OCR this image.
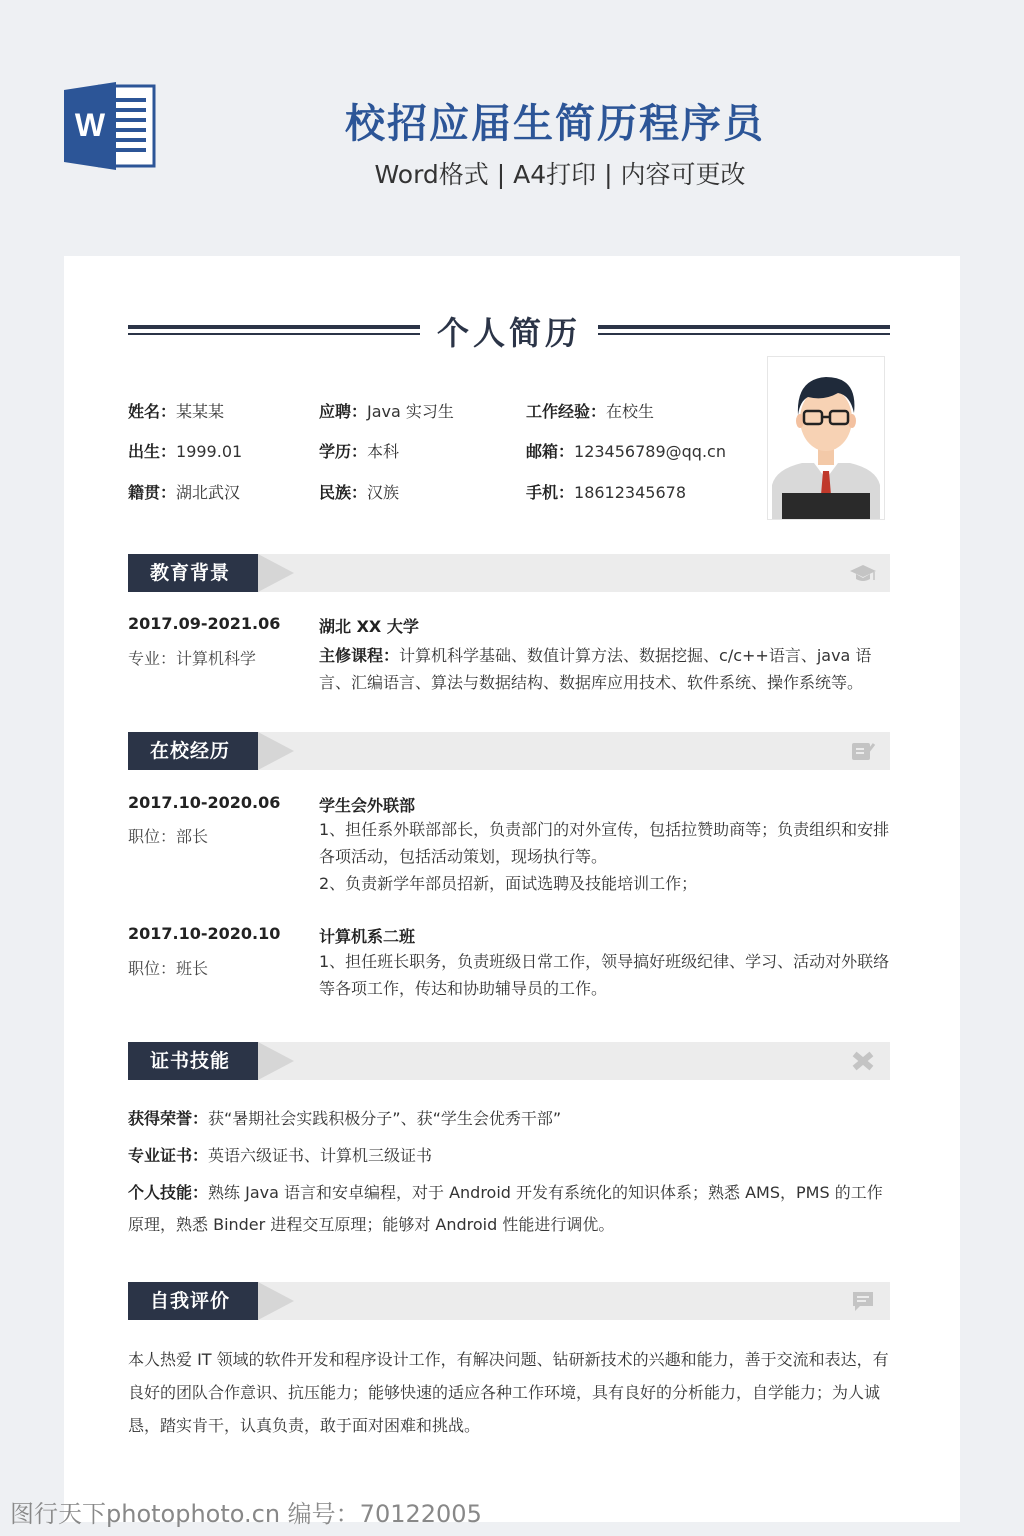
W	校招应届生简历程序员
Word格式 | A4打印 | 内容可更改
个人简历
姓名：某某某	应聘：Java 实习生	工作经验：在校生
出生：1999.01	学历：本科	邮箱：123456789@qq.cn
籍贯：湖北武汉	民族：汉族	手机：18612345678
教育背景
2017.09-2021.06
专业：计算机科学
湖北 XX 大学
主修课程：计算机科学基础、数值计算方法、数据挖掘、c/c++语言、java 语言、汇编语言、算法与数据结构、数据库应用技术、软件系统、操作系统等。
在校经历
2017.10-2020.06
职位：部长
学生会外联部
1、担任系外联部部长，负责部门的对外宣传，包括拉赞助商等；负责组织和安排各项活动，包括活动策划，现场执行等。
2、负责新学年部员招新，面试选聘及技能培训工作；
2017.10-2020.10
职位：班长
计算机系二班
1、担任班长职务，负责班级日常工作，领导搞好班级纪律、学习、活动对外联络等各项工作，传达和协助辅导员的工作。
证书技能
获得荣誉：获“暑期社会实践积极分子”、获“学生会优秀干部”
专业证书：英语六级证书、计算机三级证书
个人技能：熟练 Java 语言和安卓编程，对于 Android 开发有系统化的知识体系；熟悉 AMS，PMS 的工作原理，熟悉 Binder 进程交互原理；能够对 Android 性能进行调优。
自我评价
本人热爱 IT 领域的软件开发和程序设计工作，有解决问题、钻研新技术的兴趣和能力，善于交流和表达，有良好的团队合作意识、抗压能力；能够快速的适应各种工作环境，具有良好的分析能力，自学能力；为人诚恳，踏实肯干，认真负责，敢于面对困难和挑战。
图行天下photophoto.cn 编号：70122005
